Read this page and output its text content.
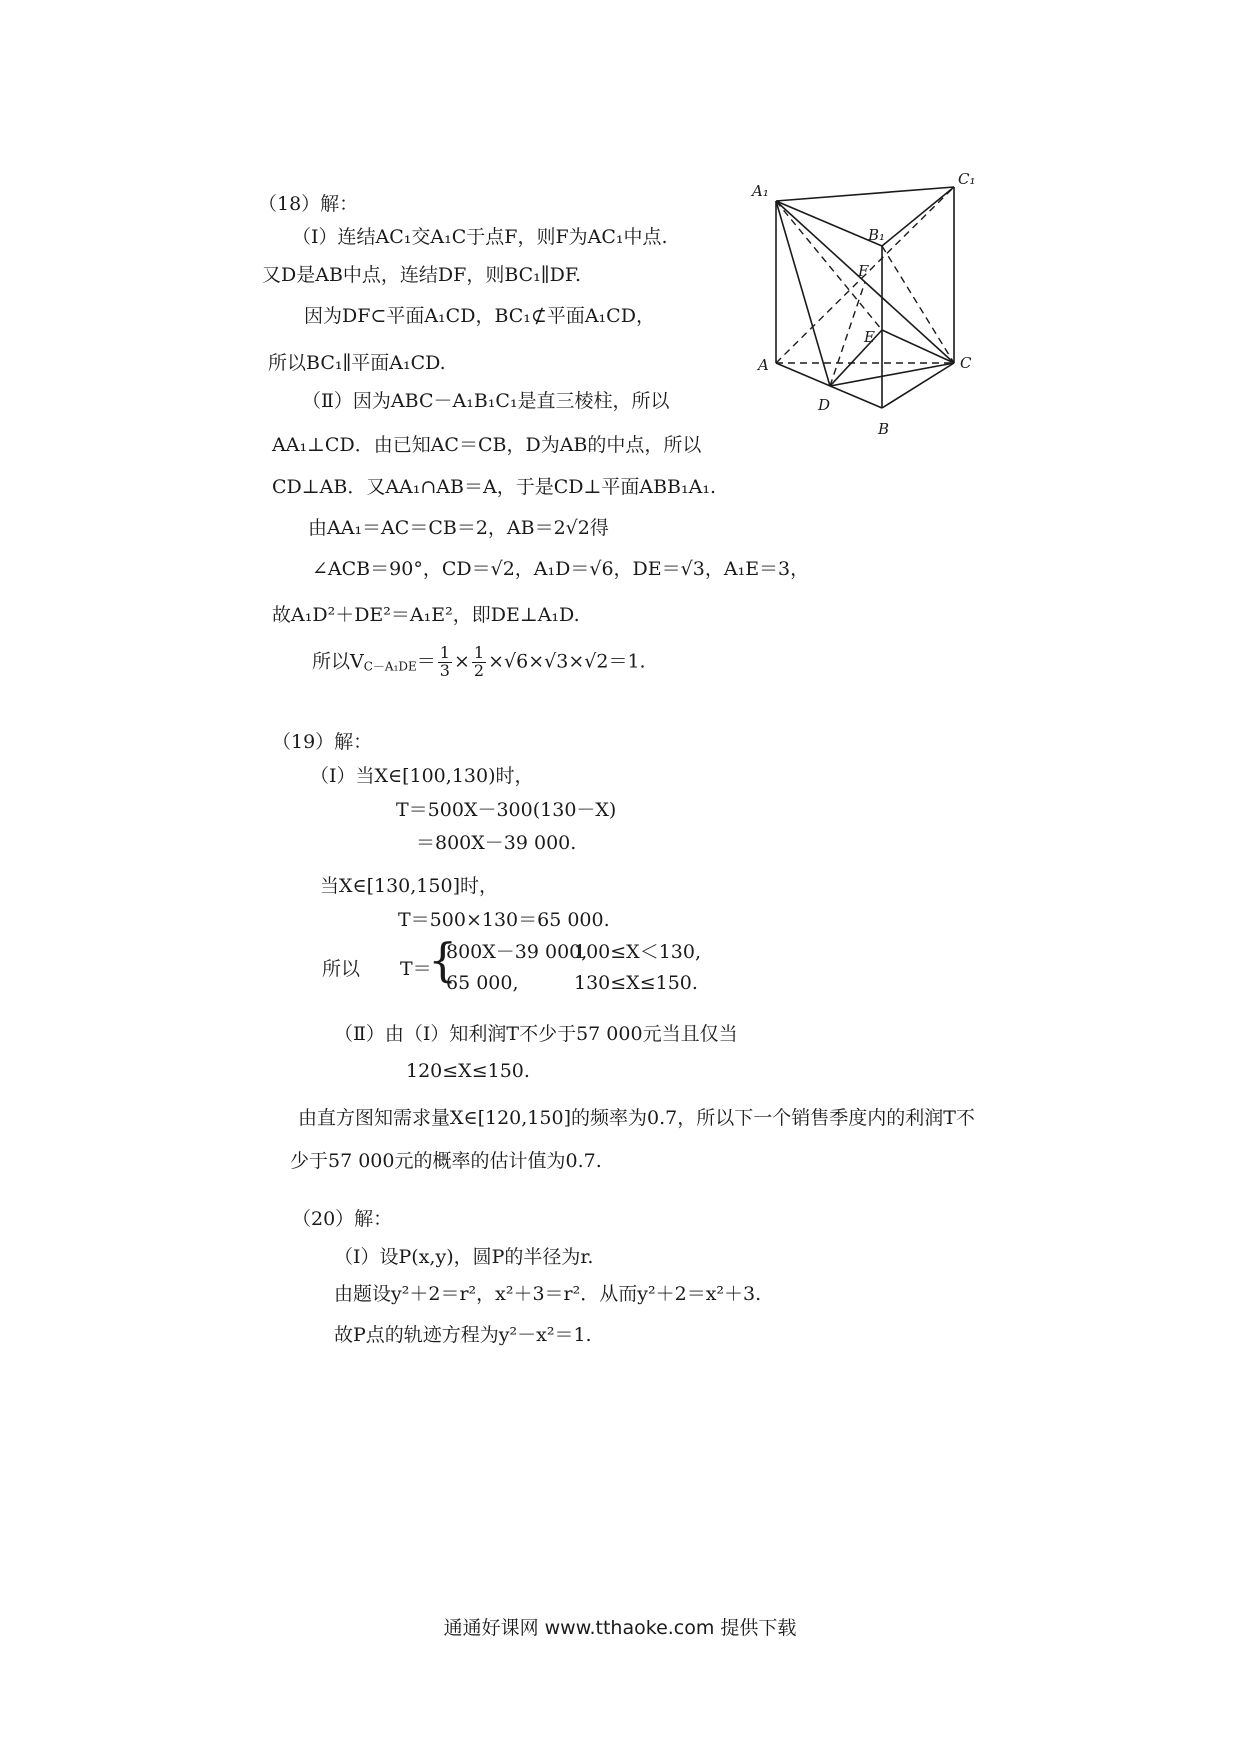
（18）解：
（Ⅰ）连结AC₁交A₁C于点F，则F为AC₁中点.
又D是AB中点，连结DF，则BC₁∥DF.
因为DF⊂平面A₁CD，BC₁⊄平面A₁CD，
所以BC₁∥平面A₁CD.
（Ⅱ）因为ABC－A₁B₁C₁是直三棱柱，所以
AA₁⊥CD．由已知AC＝CB，D为AB的中点，所以
CD⊥AB．又AA₁∩AB＝A，于是CD⊥平面ABB₁A₁.
由AA₁＝AC＝CB＝2，AB＝2√2得
∠ACB＝90°，CD＝√2，A₁D＝√6，DE＝√3，A₁E＝3，
故A₁D²＋DE²＝A₁E²，即DE⊥A₁D.
所以$V_{C-A_1DE}= \frac{1}{3} \times \frac{1}{2} \times√6\times√3\times√2=1$.
A₁
C₁
B₁
F
E
A	C
D
B
（19）解：
（Ⅰ）当X∈[100,130)时，
T＝500X－300(130－X)
＝800X－39 000.
当X∈[130,150]时，
T＝500×130＝65 000.
所以 T＝
{
800X－39 000,
100≤X＜130,
65 000,	130≤X≤150.
（Ⅱ）由（Ⅰ）知利润T不少于57 000元当且仅当
120≤X≤150.
由直方图知需求量X∈[120,150]的频率为0.7，所以下一个销售季度内的利润T不
少于57 000元的概率的估计值为0.7.
（20）解：
（Ⅰ）设P(x,y)，圆P的半径为r.
由题设y²＋2＝r²，x²＋3＝r²．从而y²＋2＝x²＋3.
故P点的轨迹方程为y²－x²＝1.
通通好课网 www.tthaoke.com 提供下载
